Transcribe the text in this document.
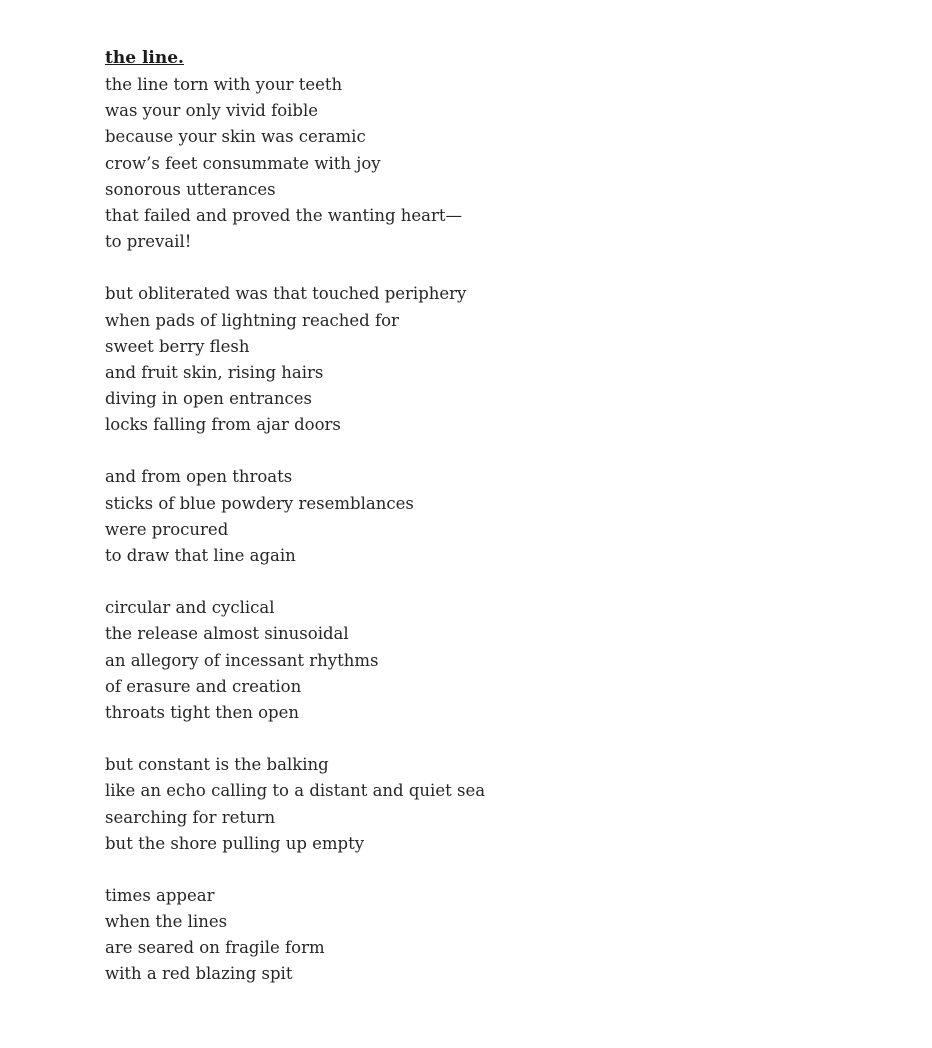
the line.
the line torn with your teeth
was your only vivid foible
because your skin was ceramic
crow’s feet consummate with joy
sonorous utterances
that failed and proved the wanting heart—
to prevail!
but obliterated was that touched periphery
when pads of lightning reached for
sweet berry flesh
and fruit skin, rising hairs
diving in open entrances
locks falling from ajar doors
and from open throats
sticks of blue powdery resemblances
were procured
to draw that line again
circular and cyclical
the release almost sinusoidal
an allegory of incessant rhythms
of erasure and creation
throats tight then open
but constant is the balking
like an echo calling to a distant and quiet sea
searching for return
but the shore pulling up empty
times appear
when the lines
are seared on fragile form
with a red blazing spit
